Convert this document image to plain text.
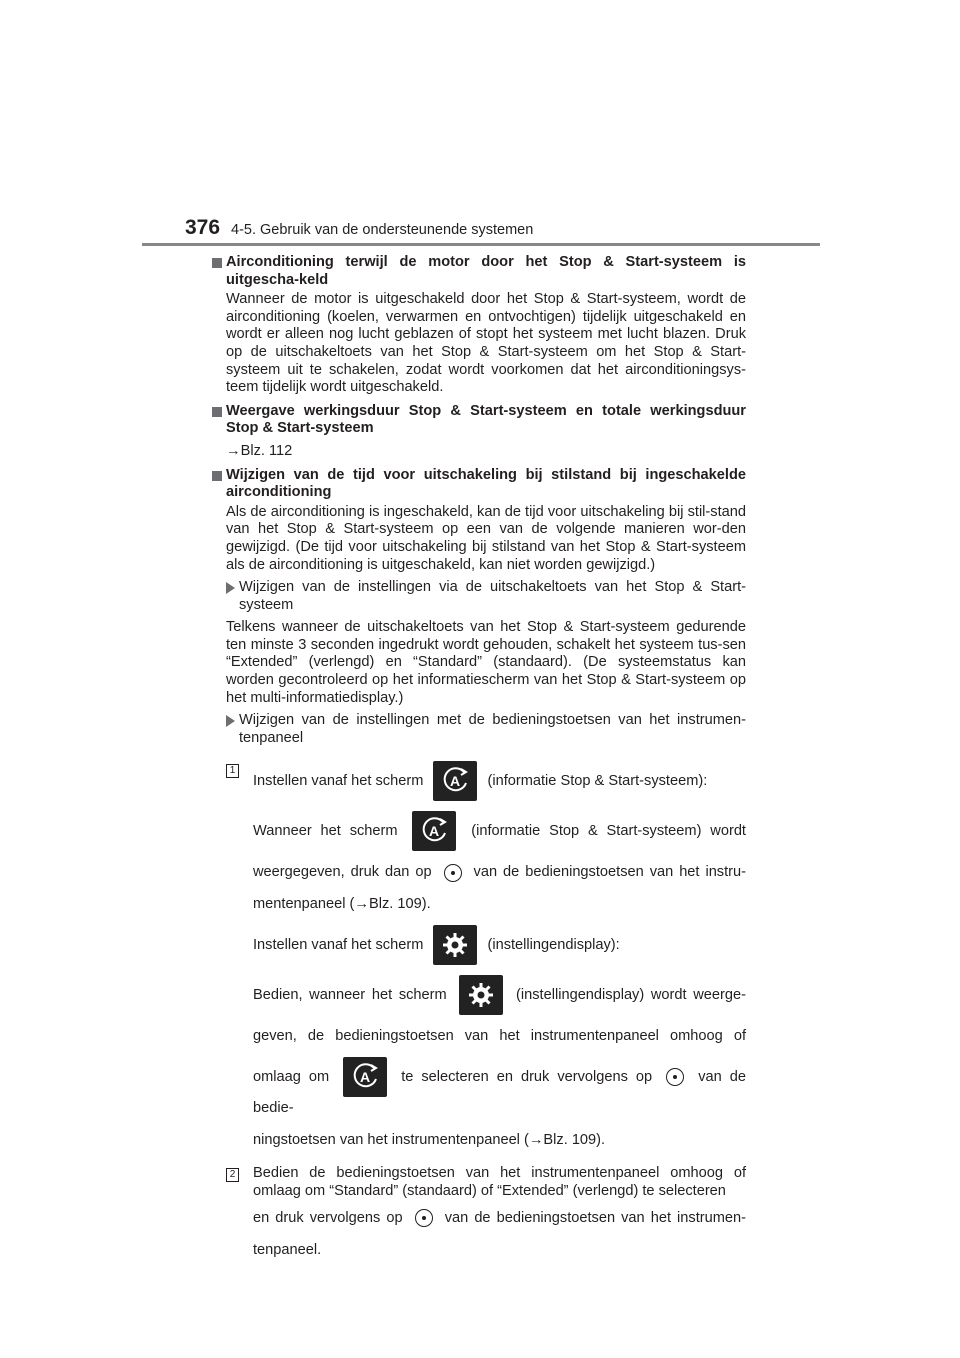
376 4-5. Gebruik van de ondersteunende systemen
Airconditioning terwijl de motor door het Stop & Start-systeem is uitgescha-keld
Wanneer de motor is uitgeschakeld door het Stop & Start-systeem, wordt de airconditioning (koelen, verwarmen en ontvochtigen) tijdelijk uitgeschakeld en wordt er alleen nog lucht geblazen of stopt het systeem met lucht blazen. Druk op de uitschakeltoets van het Stop & Start-systeem om het Stop & Start-systeem uit te schakelen, zodat wordt voorkomen dat het airconditioningsys-teem tijdelijk wordt uitgeschakeld.
Weergave werkingsduur Stop & Start-systeem en totale werkingsduur Stop & Start-systeem
→Blz. 112
Wijzigen van de tijd voor uitschakeling bij stilstand bij ingeschakelde airconditioning
Als de airconditioning is ingeschakeld, kan de tijd voor uitschakeling bij stil-stand van het Stop & Start-systeem op een van de volgende manieren wor-den gewijzigd. (De tijd voor uitschakeling bij stilstand van het Stop & Start-systeem als de airconditioning is uitgeschakeld, kan niet worden gewijzigd.)
Wijzigen van de instellingen via de uitschakeltoets van het Stop & Start-systeem
Telkens wanneer de uitschakeltoets van het Stop & Start-systeem gedurende ten minste 3 seconden ingedrukt wordt gehouden, schakelt het systeem tus-sen “Extended” (verlengd) en “Standard” (standaard). (De systeemstatus kan worden gecontroleerd op het informatiescherm van het Stop & Start-systeem op het multi-informatiedisplay.)
Wijzigen van de instellingen met de bedieningstoetsen van het instrumen-tenpaneel
1
Instellen vanaf het scherm A (informatie Stop & Start-systeem):
Wanneer het scherm A (informatie Stop & Start-systeem) wordt
weergegeven, druk dan op	van de bedieningstoetsen van het instru-
mentenpaneel (→Blz. 109).
Instellen vanaf het scherm	(instellingendisplay):
Bedien, wanneer het scherm	(instellingendisplay) wordt weerge-
geven, de bedieningstoetsen van het instrumentenpaneel omhoog of
omlaag om A te selecteren en druk vervolgens op	van de bedie-
ningstoetsen van het instrumentenpaneel (→Blz. 109).
2 Bedien de bedieningstoetsen van het instrumentenpaneel omhoog of omlaag om “Standard” (standaard) of “Extended” (verlengd) te selecteren
en druk vervolgens op	van de bedieningstoetsen van het instrumen-
tenpaneel.
